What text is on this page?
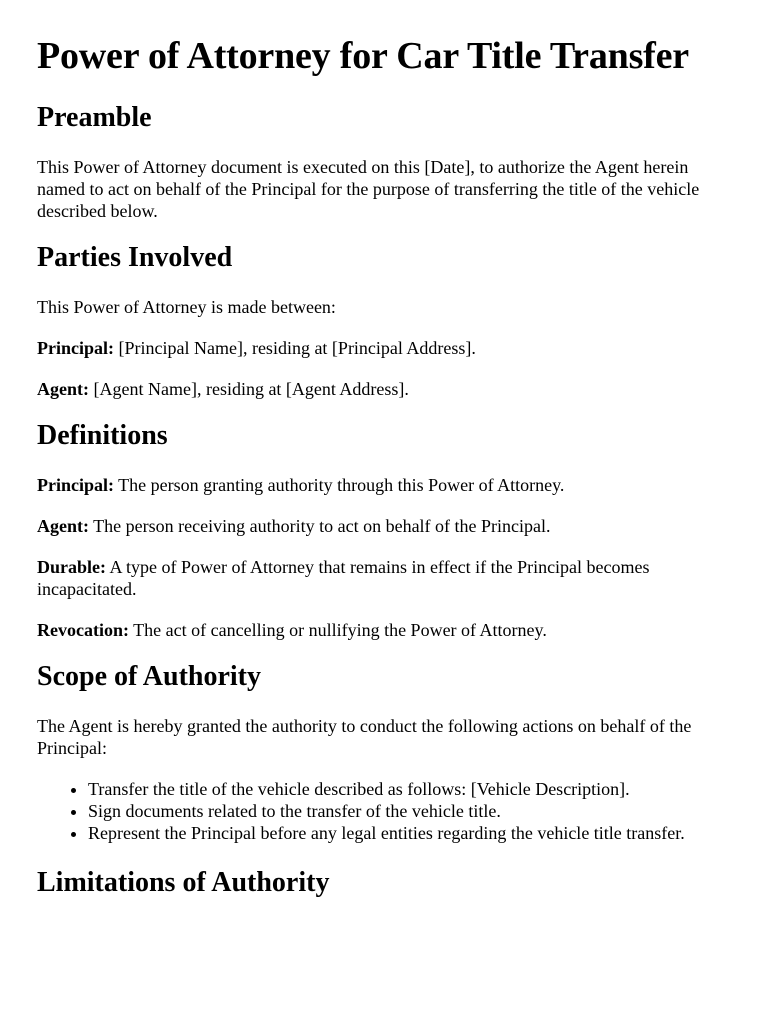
Power of Attorney for Car Title Transfer
Preamble

This Power of Attorney document is executed on this [Date], to authorize the Agent herein named to act on behalf of the Principal for the purpose of transferring the title of the vehicle described below.

Parties Involved

This Power of Attorney is made between:

Principal: [Principal Name], residing at [Principal Address].

Agent: [Agent Name], residing at [Agent Address].

Definitions

Principal: The person granting authority through this Power of Attorney.

Agent: The person receiving authority to act on behalf of the Principal.

Durable: A type of Power of Attorney that remains in effect if the Principal becomes incapacitated.

Revocation: The act of cancelling or nullifying the Power of Attorney.

Scope of Authority

The Agent is hereby granted the authority to conduct the following actions on behalf of the Principal:

• Transfer the title of the vehicle described as follows: [Vehicle Description].
• Sign documents related to the transfer of the vehicle title.
• Represent the Principal before any legal entities regarding the vehicle title transfer.
Limitations of Authority
